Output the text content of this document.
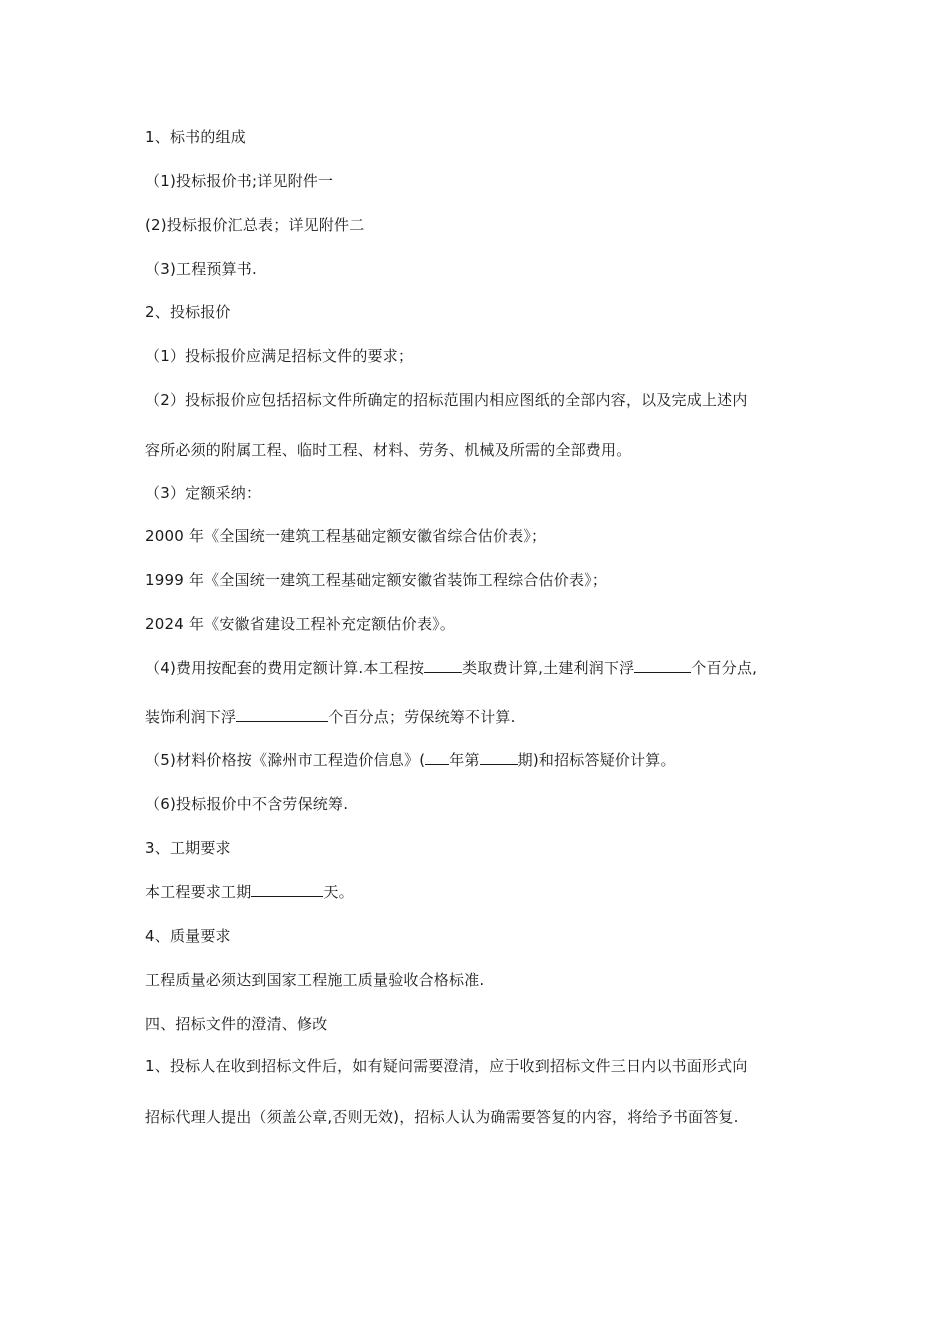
1、标书的组成
（1)投标报价书;详见附件一
(2)投标报价汇总表；详见附件二
（3)工程预算书.
2、投标报价
（1）投标报价应满足招标文件的要求；
（2）投标报价应包括招标文件所确定的招标范围内相应图纸的全部内容，以及完成上述内
容所必须的附属工程、临时工程、材料、劳务、机械及所需的全部费用。
（3）定额采纳：
2000 年《全国统一建筑工程基础定额安徽省综合估价表》；
1999 年《全国统一建筑工程基础定额安徽省装饰工程综合估价表》；
2024 年《安徽省建设工程补充定额估价表》。
（4)费用按配套的费用定额计算.本工程按	类取费计算,土建利润下浮	个百分点,
装饰利润下浮	个百分点；劳保统筹不计算.
（5)材料价格按《滁州市工程造价信息》( 年第	期)和招标答疑价计算。
（6)投标报价中不含劳保统筹.
3、工期要求
本工程要求工期	天。
4、质量要求
工程质量必须达到国家工程施工质量验收合格标准.
四、招标文件的澄清、修改
1、投标人在收到招标文件后，如有疑问需要澄清，应于收到招标文件三日内以书面形式向
招标代理人提出（须盖公章,否则无效)，招标人认为确需要答复的内容，将给予书面答复.
